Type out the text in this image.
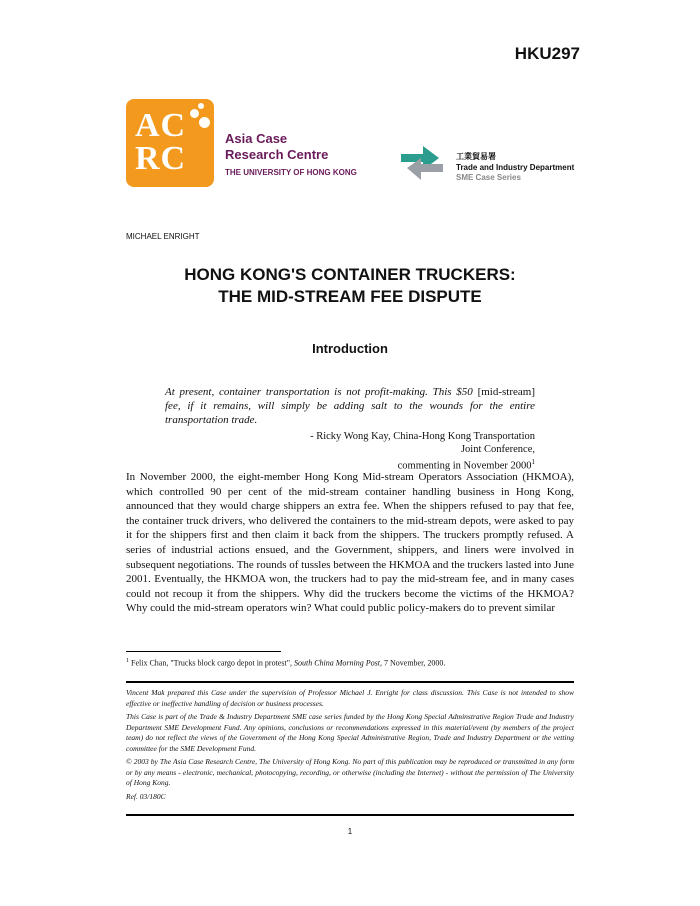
HKU297
AC
RC
Asia Case
Research Centre
THE UNIVERSITY OF HONG KONG
工業貿易署
Trade and Industry Department
SME Case Series
MICHAEL ENRIGHT
HONG KONG'S CONTAINER TRUCKERS:
THE MID-STREAM FEE DISPUTE
Introduction
At present, container transportation is not profit-making. This $50 [mid-stream] fee, if it remains, will simply be adding salt to the wounds for the entire transportation trade.
- Ricky Wong Kay, China-Hong Kong Transportation Joint Conference,
commenting in November 2000$^1$
In November 2000, the eight-member Hong Kong Mid-stream Operators Association (HKMOA), which controlled 90 per cent of the mid-stream container handling business in Hong Kong, announced that they would charge shippers an extra fee. When the shippers refused to pay that fee, the container truck drivers, who delivered the containers to the mid-stream depots, were asked to pay it for the shippers first and then claim it back from the shippers. The truckers promptly refused. A series of industrial actions ensued, and the Government, shippers, and liners were involved in subsequent negotiations. The rounds of tussles between the HKMOA and the truckers lasted into June 2001. Eventually, the HKMOA won, the truckers had to pay the mid-stream fee, and in many cases could not recoup it from the shippers. Why did the truckers become the victims of the HKMOA? Why could the mid-stream operators win? What could public policy-makers do to prevent similar
$^1$ Felix Chan, "Trucks block cargo depot in protest", South China Morning Post, 7 November, 2000.

Vincent Mak prepared this Case under the supervision of Professor Michael J. Enright for class discussion. This Case is not intended to show effective or ineffective handling of decision or business processes.

This Case is part of the Trade & Industry Department SME case series funded by the Hong Kong Special Adminstrative Region Trade and Industry Department SME Development Fund. Any opinions, conclusions or recommendations expressed in this material/event (by members of the project team) do not reflect the views of the Government of the Hong Kong Special Administrative Region, Trade and Industry Department or the vetting committee for the SME Development Fund.

© 2003 by The Asia Case Research Centre, The University of Hong Kong. No part of this publication may be reproduced or transmitted in any form or by any means - electronic, mechanical, photocopying, recording, or otherwise (including the Internet) - without the permission of The University of Hong Kong.

Ref. 03/180C

1
